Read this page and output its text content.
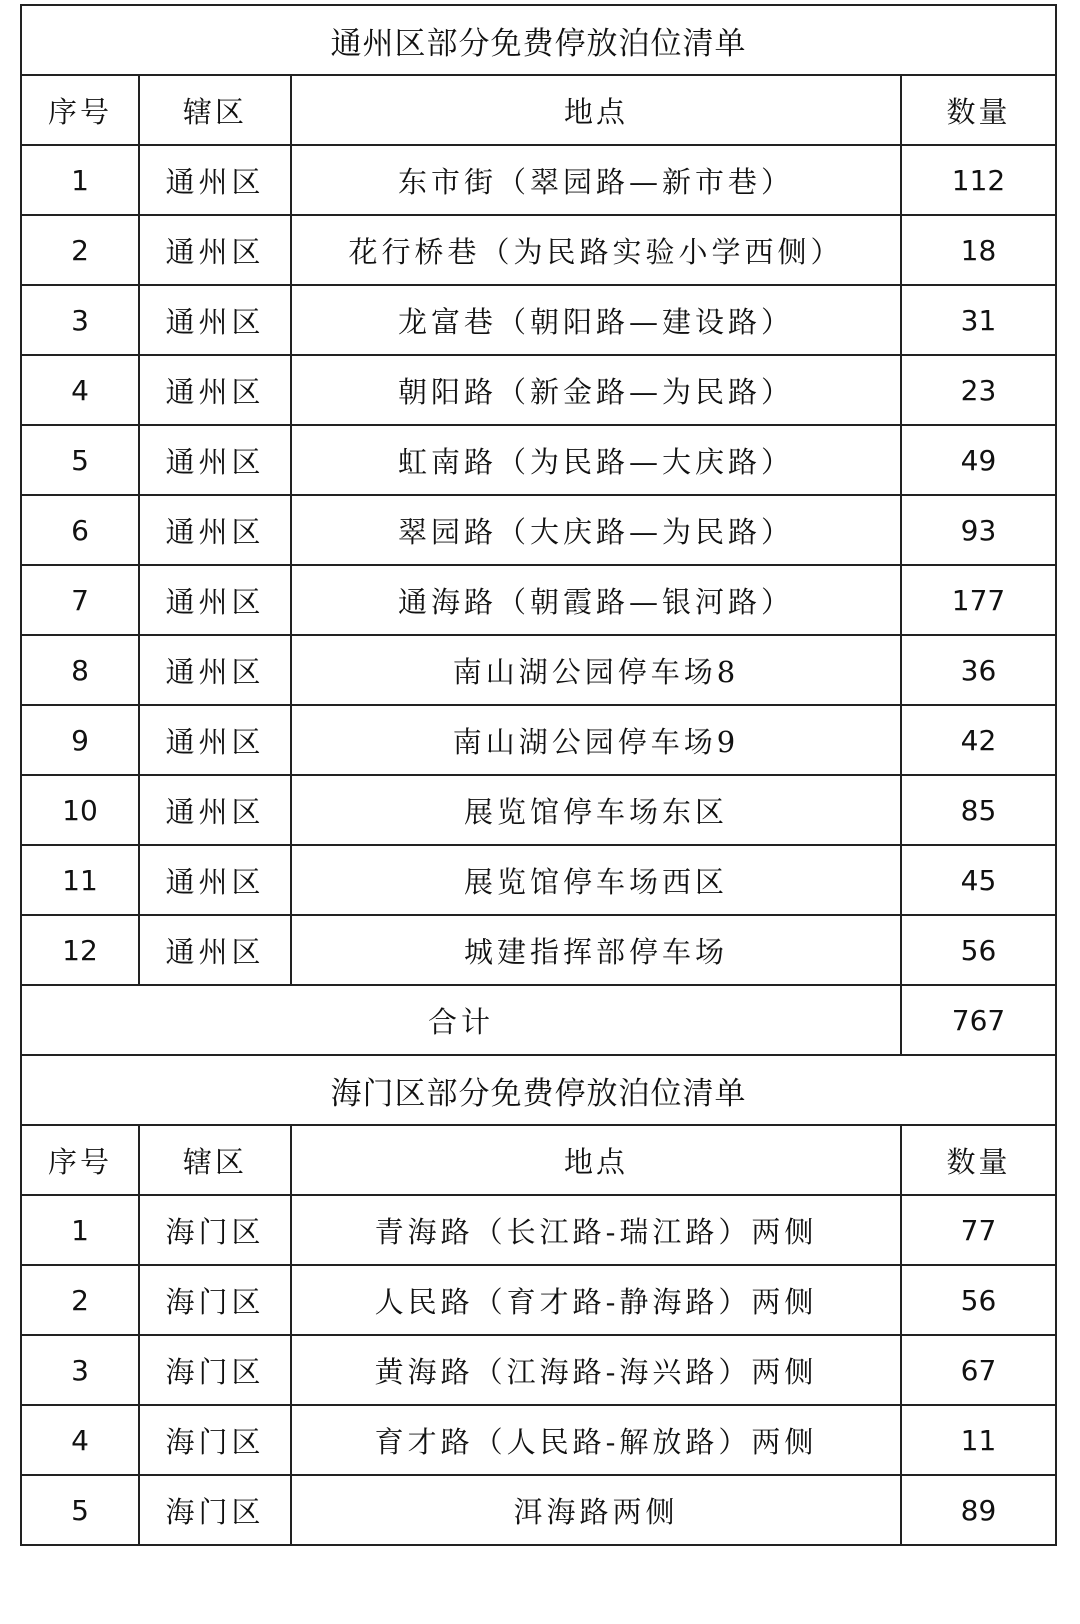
通州区部分免费停放泊位清单			
序号	辖区	地点	数量
1	通州区	东市街（翠园路—新市巷）	112
2	通州区	花行桥巷（为民路实验小学西侧）	18
3	通州区	龙富巷（朝阳路—建设路）	31
4	通州区	朝阳路（新金路—为民路）	23
5	通州区	虹南路（为民路—大庆路）	49
6	通州区	翠园路（大庆路—为民路）	93
7	通州区	通海路（朝霞路—银河路）	177
8	通州区	南山湖公园停车场8	36
9	通州区	南山湖公园停车场9	42
10	通州区	展览馆停车场东区	85
11	通州区	展览馆停车场西区	45
12	通州区	城建指挥部停车场	56
合计			767
海门区部分免费停放泊位清单			
序号	辖区	地点	数量
1	海门区	青海路（长江路-瑞江路）两侧	77
2	海门区	人民路（育才路-静海路）两侧	56
3	海门区	黄海路（江海路-海兴路）两侧	67
4	海门区	育才路（人民路-解放路）两侧	11
5	海门区	洱海路两侧	89
